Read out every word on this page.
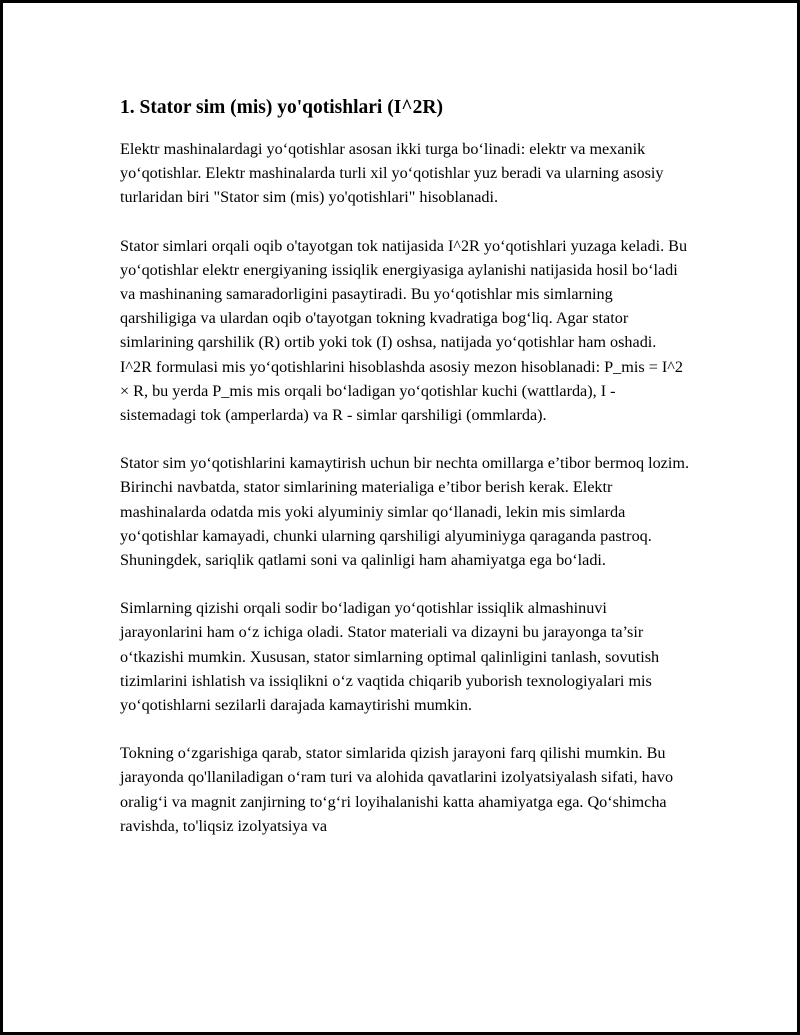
1. Stator sim (mis) yo'qotishlari (I^2R)

Elektr mashinalardagi yo‘qotishlar asosan ikki turga bo‘linadi: elektr va mexanik yo‘qotishlar. Elektr mashinalarda turli xil yo‘qotishlar yuz beradi va ularning asosiy turlaridan biri "Stator sim (mis) yo'qotishlari" hisoblanadi.

Stator simlari orqali oqib o'tayotgan tok natijasida I^2R yo‘qotishlari yuzaga keladi. Bu yo‘qotishlar elektr energiyaning issiqlik energiyasiga aylanishi natijasida hosil bo‘ladi va mashinaning samaradorligini pasaytiradi. Bu yo‘qotishlar mis simlarning qarshiligiga va ulardan oqib o'tayotgan tokning kvadratiga bog‘liq. Agar stator simlarining qarshilik (R) ortib yoki tok (I) oshsa, natijada yo‘qotishlar ham oshadi. I^2R formulasi mis yo‘qotishlarini hisoblashda asosiy mezon hisoblanadi: P_mis = I^2 × R, bu yerda P_mis mis orqali bo‘ladigan yo‘qotishlar kuchi (wattlarda), I - sistemadagi tok (amperlarda) va R - simlar qarshiligi (ommlarda).

Stator sim yo‘qotishlarini kamaytirish uchun bir nechta omillarga e’tibor bermoq lozim. Birinchi navbatda, stator simlarining materialiga e’tibor berish kerak. Elektr mashinalarda odatda mis yoki alyuminiy simlar qo‘llanadi, lekin mis simlarda yo‘qotishlar kamayadi, chunki ularning qarshiligi alyuminiyga qaraganda pastroq. Shuningdek, sariqlik qatlami soni va qalinligi ham ahamiyatga ega bo‘ladi.

Simlarning qizishi orqali sodir bo‘ladigan yo‘qotishlar issiqlik almashinuvi jarayonlarini ham o‘z ichiga oladi. Stator materiali va dizayni bu jarayonga ta’sir o‘tkazishi mumkin. Xususan, stator simlarning optimal qalinligini tanlash, sovutish tizimlarini ishlatish va issiqlikni o‘z vaqtida chiqarib yuborish texnologiyalari mis yo‘qotishlarni sezilarli darajada kamaytirishi mumkin.

Tokning o‘zgarishiga qarab, stator simlarida qizish jarayoni farq qilishi mumkin. Bu jarayonda qo'llaniladigan o‘ram turi va alohida qavatlarini izolyatsiyalash sifati, havo oralig‘i va magnit zanjirning to‘g‘ri loyihalanishi katta ahamiyatga ega. Qo‘shimcha ravishda, to'liqsiz izolyatsiya va
